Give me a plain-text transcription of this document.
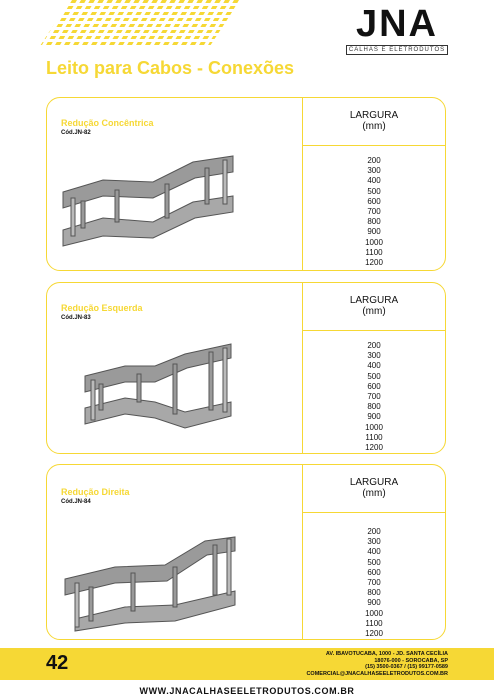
JNA
CALHAS E ELETRODUTOS
Leito para Cabos - Conexões
Redução Concêntrica
Cód.JN-82
LARGURA
(mm)
200
300
400
500
600
700
800
900
1000
1100
1200
Redução Esquerda
Cód.JN-83
LARGURA
(mm)
200
300
400
500
600
700
800
900
1000
1100
1200
Redução Direita
Cód.JN-84
LARGURA
(mm)
200
300
400
500
600
700
800
900
1000
1100
1200
42	AV. IBAVOTUCABA, 1000 - JD. SANTA CECÍLIA
18076-000 - SOROCABA, SP
(15) 3500-0367 / (15) 99177-0589
COMERCIAL@JNACALHASEELETRODUTOS.COM.BR
WWW.JNACALHASEELETRODUTOS.COM.BR
